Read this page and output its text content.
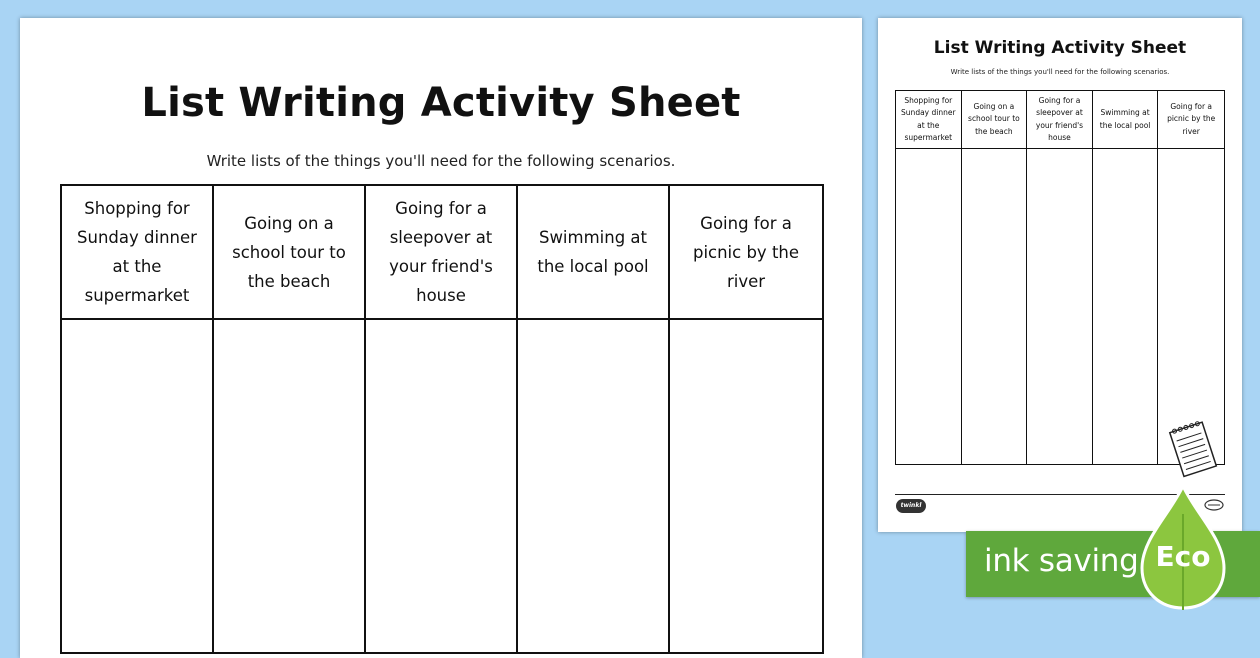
List Writing Activity Sheet
Write lists of the things you'll need for the following scenarios.
Shopping for Sunday dinner at the supermarket
Going on a school tour to the beach
Going for a sleepover at your friend's house
Swimming at the local pool
Going for a picnic by the river
List Writing Activity Sheet
Write lists of the things you'll need for the following scenarios.
Shopping for Sunday dinner at the supermarket
Going on a school tour to the beach
Going for a sleepover at your friend's house
Swimming at the local pool
Going for a picnic by the river
twinkl
ink saving Eco
